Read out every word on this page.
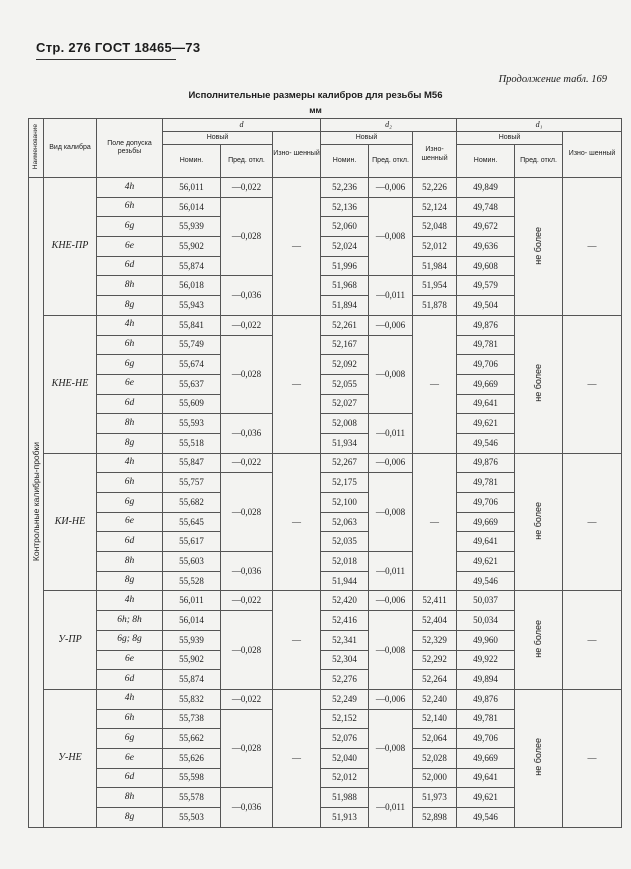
Стр. 276 ГОСТ 18465—73
Продолжение табл. 169
Исполнительные размеры калибров для резьбы М56
мм
Наименование	Вид калибра	Поле допуска резьбы	d			d₂			d₁		
			Новый		Изно- шенный	Новый		Изно- шенный	Новый		Изно- шенный
			Номин.	Пред. откл.		Номин.	Пред. откл.		Номин.	Пред. откл.	
Контрольные калибры-пробки	КНЕ-ПР	4h	56,011	—0,022	—	52,236	—0,006	52,226	49,849	не более	—
		6h	56,014	—0,028		52,136	—0,008	52,124	49,748		
		6g	55,939			52,060		52,048	49,672		
		6e	55,902			52,024		52,012	49,636		
		6d	55,874			51,996		51,984	49,608		
		8h	56,018	—0,036		51,968	—0,011	51,954	49,579		
		8g	55,943			51,894		51,878	49,504		
	КНЕ-НЕ	4h	55,841	—0,022	—	52,261	—0,006	—	49,876	не более	—
		6h	55,749	—0,028		52,167	—0,008		49,781		
		6g	55,674			52,092			49,706		
		6e	55,637			52,055			49,669		
		6d	55,609			52,027			49,641		
		8h	55,593	—0,036		52,008	—0,011		49,621		
		8g	55,518			51,934			49,546		
	КИ-НЕ	4h	55,847	—0,022	—	52,267	—0,006	—	49,876	не более	—
		6h	55,757	—0,028		52,175	—0,008		49,781		
		6g	55,682			52,100			49,706		
		6e	55,645			52,063			49,669		
		6d	55,617			52,035			49,641		
		8h	55,603	—0,036		52,018	—0,011		49,621		
		8g	55,528			51,944			49,546		
	У-ПР	4h	56,011	—0,022	—	52,420	—0,006	52,411	50,037	не более	—
		6h; 8h	56,014	—0,028		52,416	—0,008	52,404	50,034		
		6g; 8g	55,939			52,341		52,329	49,960		
		6e	55,902			52,304		52,292	49,922		
		6d	55,874			52,276		52,264	49,894		
	У-НЕ	4h	55,832	—0,022	—	52,249	—0,006	52,240	49,876	не более	—
		6h	55,738	—0,028		52,152	—0,008	52,140	49,781		
		6g	55,662			52,076		52,064	49,706		
		6e	55,626			52,040		52,028	49,669		
		6d	55,598			52,012		52,000	49,641		
		8h	55,578	—0,036		51,988	—0,011	51,973	49,621		
		8g	55,503			51,913		52,898	49,546		
